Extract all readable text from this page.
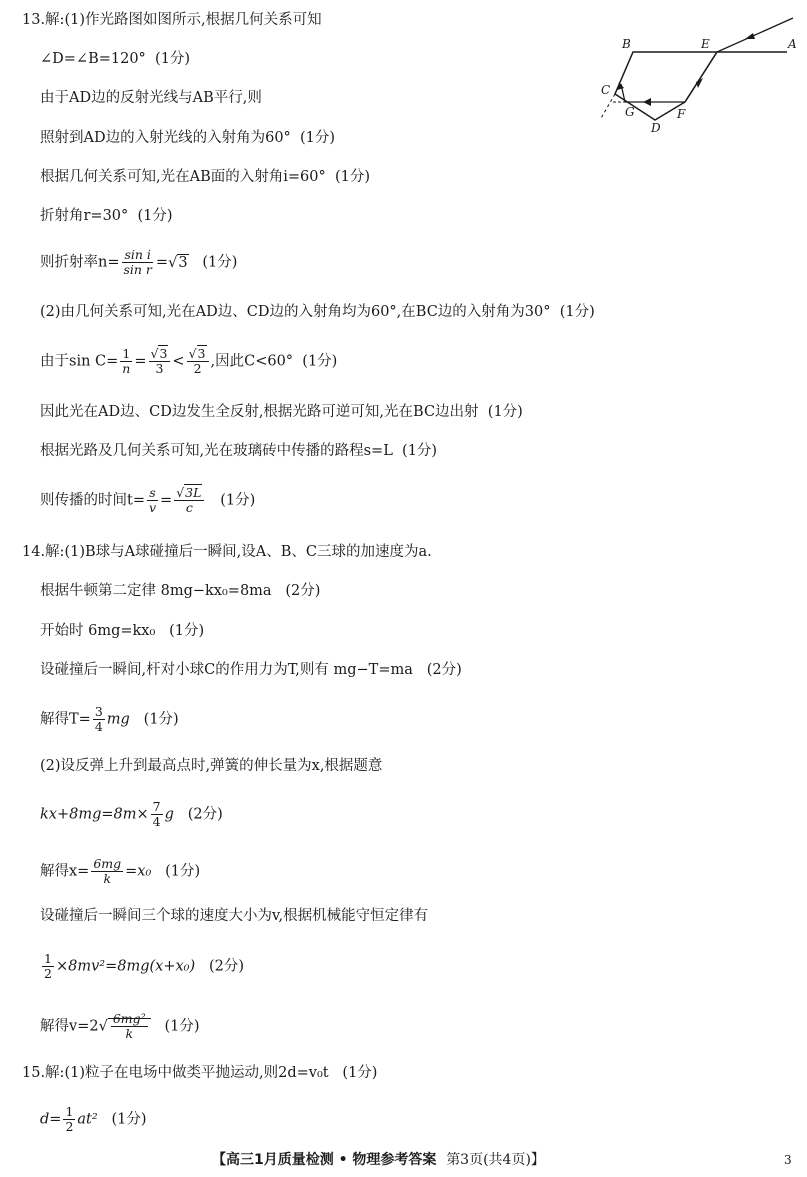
13.解:(1)作光路图如图所示,根据几何关系可知
∠D=∠B=120° (1分)
由于AD边的反射光线与AB平行,则
照射到AD边的入射光线的入射角为60° (1分)
根据几何关系可知,光在AB面的入射角i=60° (1分)
折射角r=30° (1分)
则折射率$n= \frac{\text{sin i}}{\text{sin r}} =√3$ (1分)
(2)由几何关系可知,光在AD边、CD边的入射角均为60°,在BC边的入射角为30° (1分)
由于$\sin C= \frac{1}{n} = \frac{√3}{3} < \frac{√3}{2}$ ,因此C<60° (1分)
因此光在AD边、CD边发生全反射,根据光路可逆可知,光在BC边出射 (1分)
根据光路及几何关系可知,光在玻璃砖中传播的路程s=L (1分)
则传播的时间$t= \frac{s}{v} = \frac{√3L}{c} (1$分)
A
B
C
D
E
F
G
14.解:(1)B球与A球碰撞后一瞬间,设A、B、C三球的加速度为a.
根据牛顿第二定律 8mg−kx₀=8ma (2分)
开始时 6mg=kx₀ (1分)
设碰撞后一瞬间,杆对小球C的作用力为T,则有 mg−T=ma (2分)
解得$T= \frac{3}{4}$ mg (1分)
(2)设反弹上升到最高点时,弹簧的伸长量为x,根据题意
$kx+8mg=8m\times \frac{7}{4}$ g (2分)
解得$x= \frac{6mg}{k} =x_0$ (1分)
设碰撞后一瞬间三个球的速度大小为v,根据机械能守恒定律有
$\frac{1}{2} \times 8mv^2=8mg(x+x_0)$ (2分)
解得$v=2√ \frac{\text{6mg²}}{k} (1$分)
15.解:(1)粒子在电场中做类平抛运动,则2d=v₀t (1分)
$d= \frac{1}{2} at^2$ (1分)
【高三1月质量检测 • 物理参考答案 第3页(共4页)】	3
